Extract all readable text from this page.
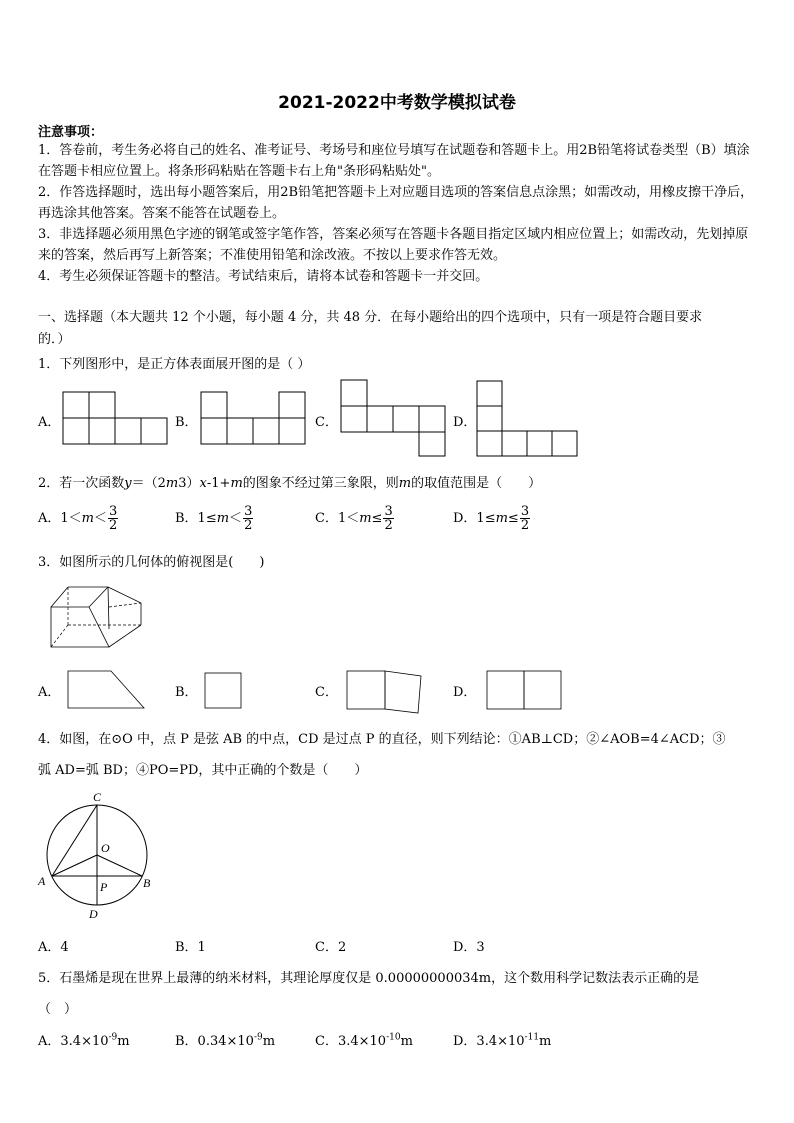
2021-2022中考数学模拟试卷
注意事项：
1．答卷前，考生务必将自己的姓名、准考证号、考场号和座位号填写在试题卷和答题卡上。用2B铅笔将试卷类型（B）填涂在答题卡相应位置上。将条形码粘贴在答题卡右上角"条形码粘贴处"。
2．作答选择题时，选出每小题答案后，用2B铅笔把答题卡上对应题目选项的答案信息点涂黑；如需改动，用橡皮擦干净后，再选涂其他答案。答案不能答在试题卷上。
3．非选择题必须用黑色字迹的钢笔或签字笔作答，答案必须写在答题卡各题目指定区域内相应位置上；如需改动，先划掉原来的答案，然后再写上新答案；不准使用铅笔和涂改液。不按以上要求作答无效。
4．考生必须保证答题卡的整洁。考试结束后，请将本试卷和答题卡一并交回。
一、选择题（本大题共 12 个小题，每小题 4 分，共 48 分．在每小题给出的四个选项中，只有一项是符合题目要求
的．）
1．下列图形中，是正方体表面展开图的是（ ）
A．	B．	C．	D．
2．若一次函数y＝（2m3）x-1+m的图象不经过第三象限，则m的取值范围是（　　）
A．$1<m< \frac{3}{2}$	B．$1\le m< \frac{3}{2}$	C．$1<m\le \frac{3}{2}$	D．$1\le m\le \frac{3}{2}$
3．如图所示的几何体的俯视图是(　　)
A．	B．	C．	D．
4．如图，在⊙O 中，点 P 是弦 AB 的中点，CD 是过点 P 的直径，则下列结论：①AB⊥CD；②∠AOB=4∠ACD；③
弧 AD=弧 BD；④PO=PD，其中正确的个数是（　　）
C
O
A	P	B
D
A．4	B．1	C．2	D．3
5．石墨烯是现在世界上最薄的纳米材料，其理论厚度仅是 0.00000000034m，这个数用科学记数法表示正确的是
（　）
A．$3.4\times 10^{-9}m$	B．$0.34\times 10^{-9}m$	C．$3.4\times 10^{-10}m$	D．$3.4\times 10^{-11}m$
